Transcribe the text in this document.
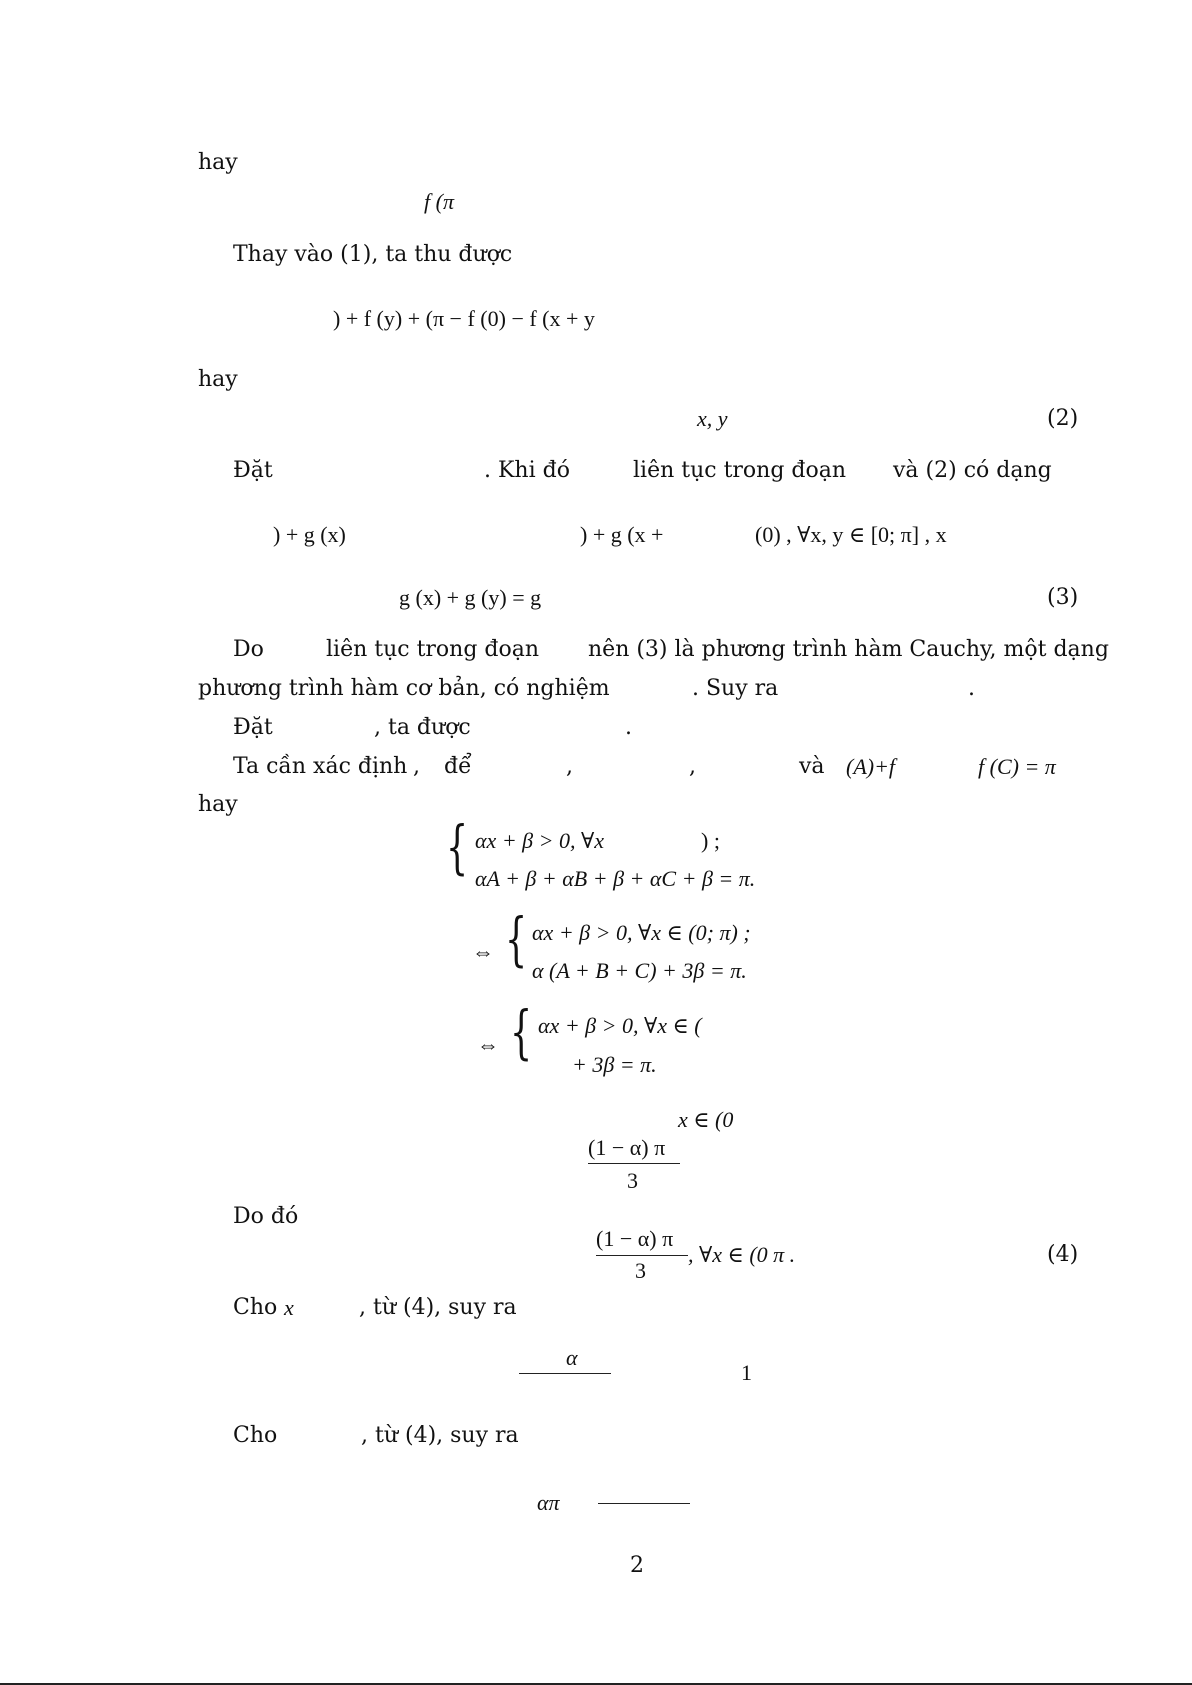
hay
f (π
Thay vào (1), ta thu được
) + f (y) + (π − f (0) − f (x + y
hay
x, y	(2)
Đặt	. Khi đó	liên tục trong đoạn và (2) có dạng
) + g (x)	) + g (x +	(0) , ∀x, y ∈ [0; π] , x
g (x) + g (y) = g	(3)
Do	liên tục trong đoạn nên (3) là phương trình hàm Cauchy, một dạng
phương trình hàm cơ bản, có nghiệm	. Suy ra	.
Đặt	, ta được	.
Ta cần xác định , để	,	,	và (A)+f	f (C) = π
hay
{ αx + β > 0, ∀x	) ;
αA + β + αB + β + αC + β = π.
⇔ { αx + β > 0, ∀x ∈ (0; π) ;
α (A + B + C) + 3β = π.
⇔ { αx + β > 0, ∀x ∈ (
+ 3β = π.
x ∈ (0
(1 − α) π
3
Do đó
(1 − α) π
3
, ∀x ∈ (0 π .	(4)
Cho x	, từ (4), suy ra
α
1
Cho	, từ (4), suy ra
απ
2
